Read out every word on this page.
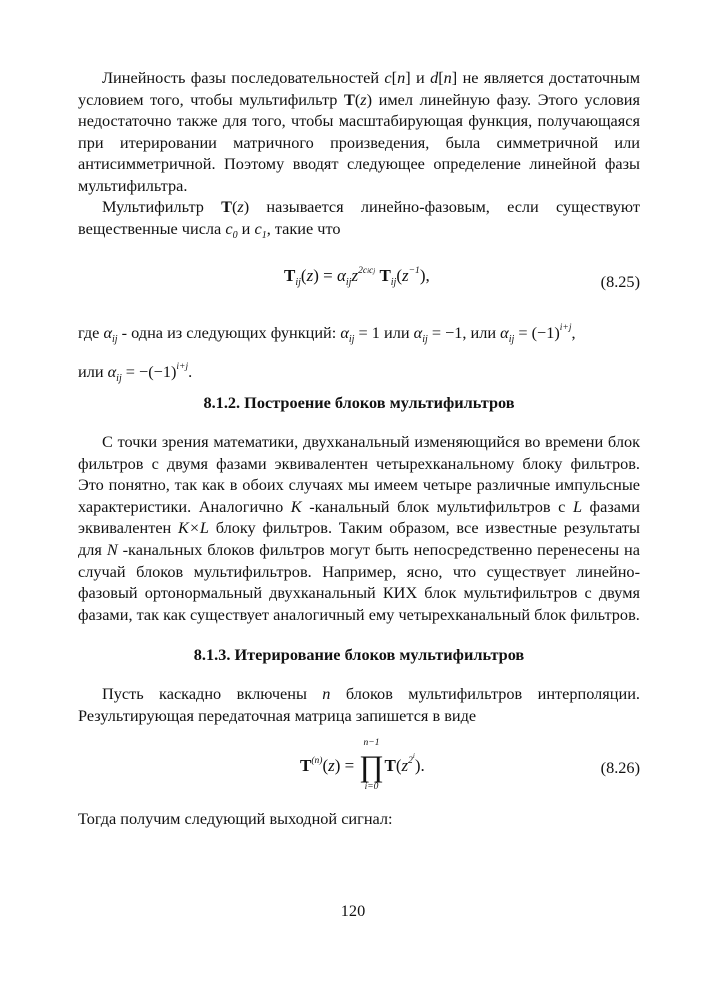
Линейность фазы последовательностей c[n] и d[n] не является достаточным условием того, чтобы мультифильтр T(z) имел линейную фазу. Этого условия недостаточно также для того, чтобы масштабирующая функция, получающаяся при итерировании матричного произведения, была симметричной или антисимметричной. Поэтому вводят следующее определение линейной фазы мультифильтра.

Мультифильтр T(z) называется линейно-фазовым, если существуют вещественные числа $c_0$ и $c_1$, такие что

$T_{ij}(z) = \alpha_{ij}z^{2cicj}$ $T_{ij}(z^{-1})$,	(8.25)

где $\alpha_{ij}$ - одна из следующих функций: $\alpha_{ij} = 1$ или $\alpha_{ij} = -1$, или $\alpha_{ij} = (-1)^{i+j}$,

или $\alpha_{ij} = -(-1)^{i+j}$.

8.1.2. Построение блоков мультифильтров

С точки зрения математики, двухканальный изменяющийся во времени блок фильтров с двумя фазами эквивалентен четырехканальному блоку фильтров. Это понятно, так как в обоих случаях мы имеем четыре различные импульсные характеристики. Аналогично K -канальный блок мультифильтров с L фазами эквивалентен K×L блоку фильтров. Таким образом, все известные результаты для N -канальных блоков фильтров могут быть непосредственно перенесены на случай блоков мультифильтров. Например, ясно, что существует линейно-фазовый ортонормальный двухканальный КИХ блок мультифильтров с двумя фазами, так как существует аналогичный ему четырехканальный блок фильтров.

8.1.3. Итерирование блоков мультифильтров

Пусть каскадно включены n блоков мультифильтров интерполяции. Результирующая передаточная матрица запишется в виде

$T^{(n)}(z)$ =
n−1
∏
i=0
$T(z^{2^i})$.	(8.26)

Тогда получим следующий выходной сигнал:

120
